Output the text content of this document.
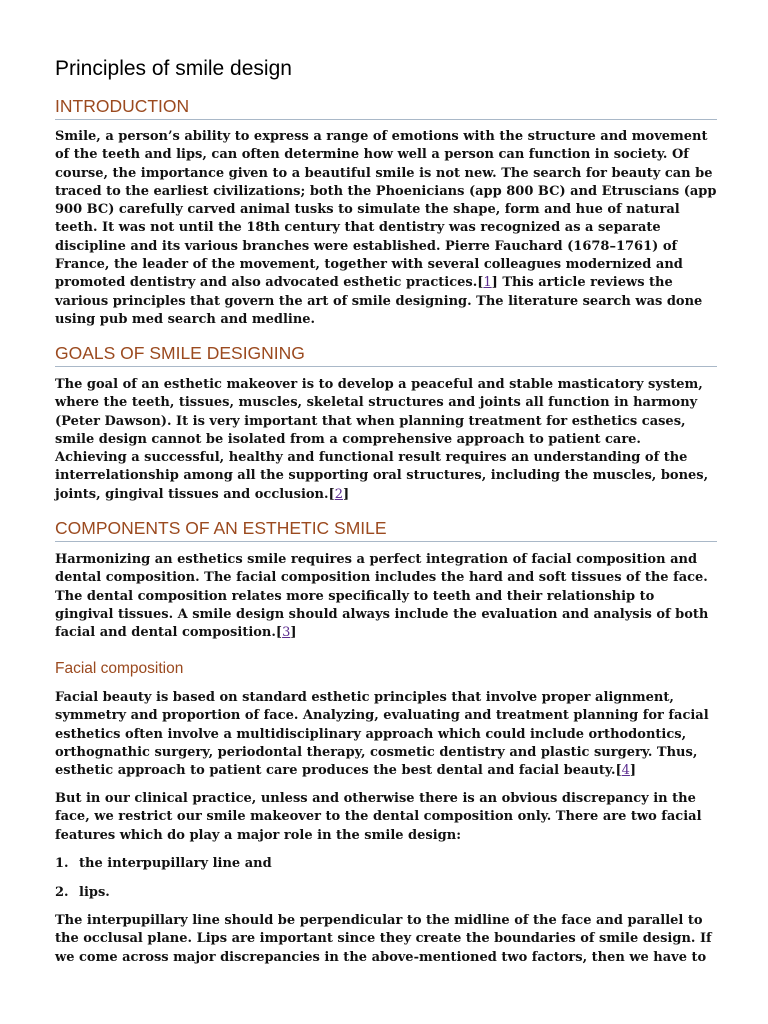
Principles of smile design
INTRODUCTION

Smile, a person’s ability to express a range of emotions with the structure and movement of the teeth and lips, can often determine how well a person can function in society. Of course, the importance given to a beautiful smile is not new. The search for beauty can be traced to the earliest civilizations; both the Phoenicians (app 800 BC) and Etruscians (app 900 BC) carefully carved animal tusks to simulate the shape, form and hue of natural teeth. It was not until the 18th century that dentistry was recognized as a separate discipline and its various branches were established. Pierre Fauchard (1678–1761) of France, the leader of the movement, together with several colleagues modernized and promoted dentistry and also advocated esthetic practices.[1] This article reviews the various principles that govern the art of smile designing. The literature search was done using pub med search and medline.

GOALS OF SMILE DESIGNING

The goal of an esthetic makeover is to develop a peaceful and stable masticatory system, where the teeth, tissues, muscles, skeletal structures and joints all function in harmony (Peter Dawson). It is very important that when planning treatment for esthetics cases, smile design cannot be isolated from a comprehensive approach to patient care. Achieving a successful, healthy and functional result requires an understanding of the interrelationship among all the supporting oral structures, including the muscles, bones, joints, gingival tissues and occlusion.[2]

COMPONENTS OF AN ESTHETIC SMILE

Harmonizing an esthetics smile requires a perfect integration of facial composition and dental composition. The facial composition includes the hard and soft tissues of the face. The dental composition relates more specifically to teeth and their relationship to gingival tissues. A smile design should always include the evaluation and analysis of both facial and dental composition.[3]

Facial composition

Facial beauty is based on standard esthetic principles that involve proper alignment, symmetry and proportion of face. Analyzing, evaluating and treatment planning for facial esthetics often involve a multidisciplinary approach which could include orthodontics, orthognathic surgery, periodontal therapy, cosmetic dentistry and plastic surgery. Thus, esthetic approach to patient care produces the best dental and facial beauty.[4]

But in our clinical practice, unless and otherwise there is an obvious discrepancy in the face, we restrict our smile makeover to the dental composition only. There are two facial features which do play a major role in the smile design:

1. the interpupillary line and
2. lips.

The interpupillary line should be perpendicular to the midline of the face and parallel to the occlusal plane. Lips are important since they create the boundaries of smile design. If we come across major discrepancies in the above-mentioned two factors, then we have to
